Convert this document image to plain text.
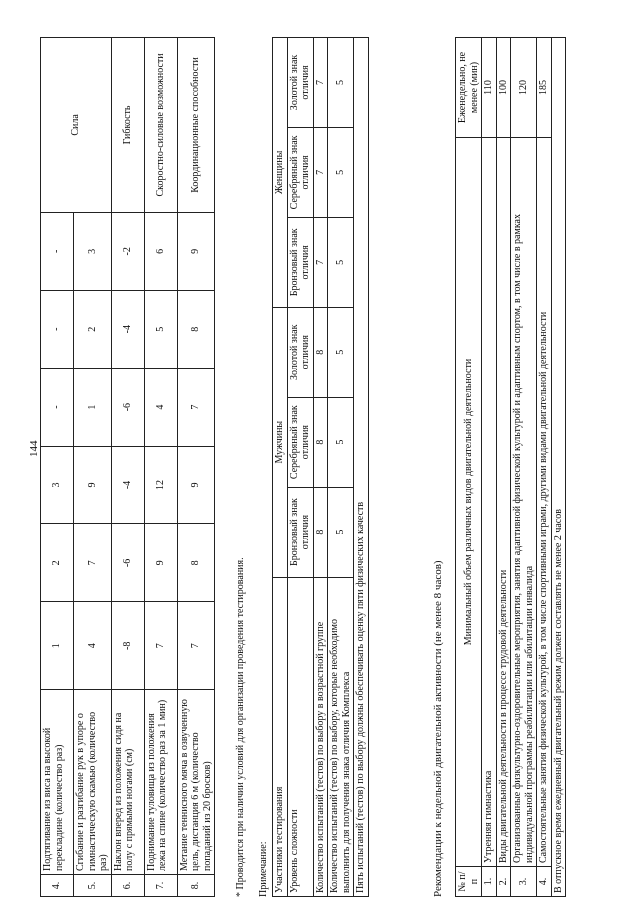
144
4.	Подтягивание из виса на высокой перекладине (количество раз)	1	2	3	-	-	-	Сила
5.	Сгибание и разгибание рук в упоре о гимнастическую скамью (количество раз)	4	7	9	1	2	3	
6.	Наклон вперед из положения сидя на полу с прямыми ногами (см)	-8	-6	-4	-6	-4	-2	Гибкость
7.	Поднимание туловища из положения лежа на спине (количество раз за 1 мин)	7	9	12	4	5	6	Скоростно-силовые возможности
8.	Метание теннисного мяча в озвученную цель, дистанция 6 м (количество попаданий из 20 бросков)	7	8	9	7	8	9	Координационные способности
* Проводится при наличии условий для организации проведения тестирования. Примечание: Участники тестирования	Мужчины			Женщины		
Уровень сложности	Бронзовый знак отличия	Серебряный знак отличия	Золотой знак отличия	Бронзовый знак отличия	Серебряный знак отличия	Золотой знак отличия
Количество испытаний (тестов) по выбору в возрастной группе	8	8	8	7	7	7
Количество испытаний (тестов) по выбору, которые необходимо выполнить для получения знака отличия Комплекса	5	5	5	5	5	5
Пять испытаний (тестов) по выбору должны обеспечивать оценку пяти физических качеств							Рекомендации к недельной двигательной активности (не менее 8 часов) № п/п	Минимальный объем различных видов двигательной деятельности	Еженедельно, не менее (мин)
1.	Утренняя гимнастика	110
2.	Виды двигательной деятельности в процессе трудовой деятельности	100
3.	Организованные физкультурно-оздоровительные мероприятия, занятия адаптивной физической культурой и адаптивным спортом, в том числе в рамках индивидуальной программы реабилитации или абилитации инвалида	120
4.	Самостоятельные занятия физической культурой, в том числе спортивными играми, другими видами двигательной деятельности	185
В отпускное время ежедневный двигательный режим должен составлять не менее 2 часов		
